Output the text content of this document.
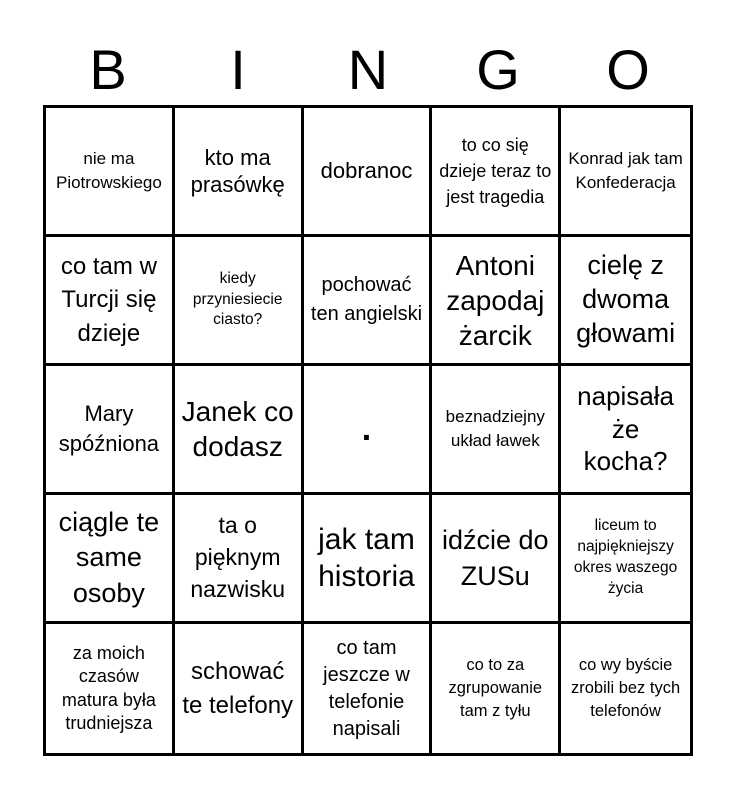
B	I	N	G	O
nie ma Piotrowskiego
kto ma prasówkę
dobranoc
to co się dzieje teraz to jest tragedia
Konrad jak tam Konfederacja
co tam w Turcji się dzieje
kiedy przyniesiecie ciasto?
pochować ten angielski
Antoni zapodaj żarcik
cielę z dwoma głowami
Mary spóźniona
Janek co dodasz	.	beznadziejny układ ławek
napisała że kocha?
ciągle te same osoby
ta o pięknym nazwisku
jak tam historia
idźcie do ZUSu
liceum to najpiękniejszy okres waszego życia
za moich czasów matura była trudniejsza
schować te telefony
co tam jeszcze w telefonie napisali
co to za zgrupowanie tam z tyłu
co wy byście zrobili bez tych telefonów
